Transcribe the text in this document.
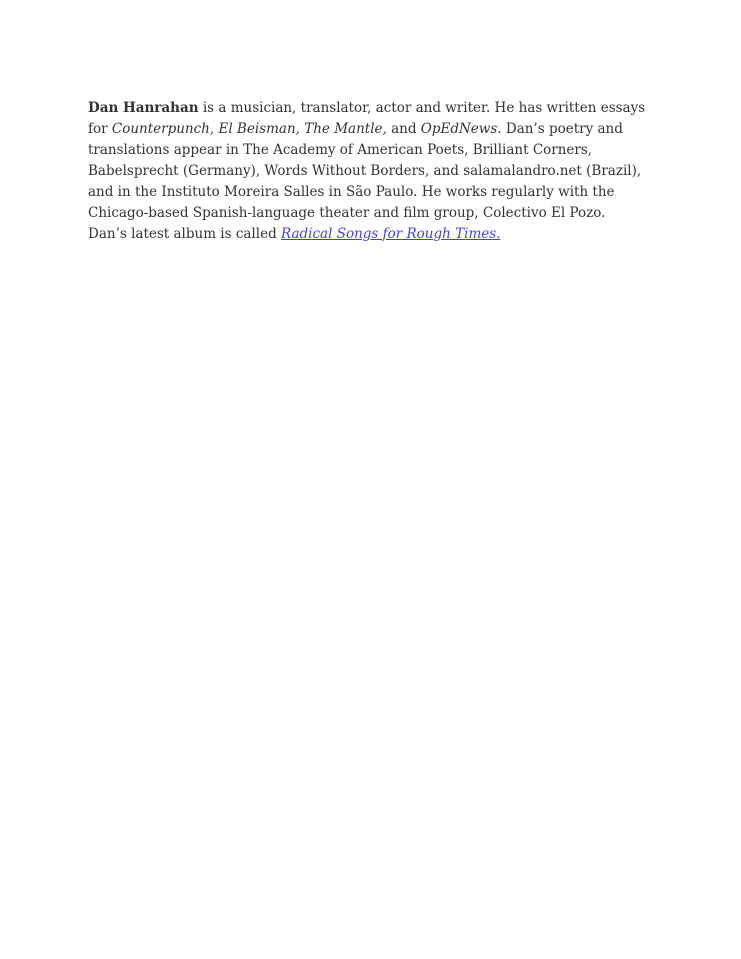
Dan Hanrahan is a musician, translator, actor and writer. He has written essays for Counterpunch, El Beisman, The Mantle, and OpEdNews. Dan’s poetry and translations appear in The Academy of American Poets, Brilliant Corners, Babelsprecht (Germany), Words Without Borders, and salamalandro.net (Brazil), and in the Instituto Moreira Salles in São Paulo. He works regularly with the Chicago-based Spanish-language theater and film group, Colectivo El Pozo. Dan’s latest album is called Radical Songs for Rough Times.
